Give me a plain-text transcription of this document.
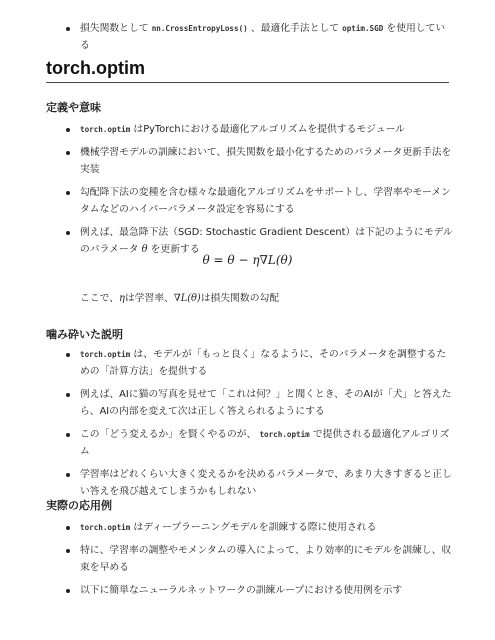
損失関数として nn.CrossEntropyLoss() 、最適化手法として optim.SGD を使用している
torch.optim
定義や意味
torch.optim はPyTorchにおける最適化アルゴリズムを提供するモジュール
機械学習モデルの訓練において、損失関数を最小化するためのパラメータ更新手法を実装
勾配降下法の変種を含む様々な最適化アルゴリズムをサポートし、学習率やモーメンタムなどのハイパーパラメータ設定を容易にする
例えば、最急降下法（SGD: Stochastic Gradient Descent）は下記のようにモデルのパラメータ θ を更新する
θ = θ − η∇L(θ)
ここで、ηは学習率、∇L(θ)は損失関数の勾配
噛み砕いた説明
torch.optim は、モデルが「もっと良く」なるように、そのパラメータを調整するための「計算方法」を提供する
例えば、AIに猫の写真を見せて「これは何？」と聞くとき、そのAIが「犬」と答えたら、AIの内部を変えて次は正しく答えられるようにする
この「どう変えるか」を賢くやるのが、 torch.optim で提供される最適化アルゴリズム
学習率はどれくらい大きく変えるかを決めるパラメータで、あまり大きすぎると正しい答えを飛び越えてしまうかもしれない
実際の応用例
torch.optim はディープラーニングモデルを訓練する際に使用される
特に、学習率の調整やモメンタムの導入によって、より効率的にモデルを訓練し、収束を早める
以下に簡単なニューラルネットワークの訓練ループにおける使用例を示す
